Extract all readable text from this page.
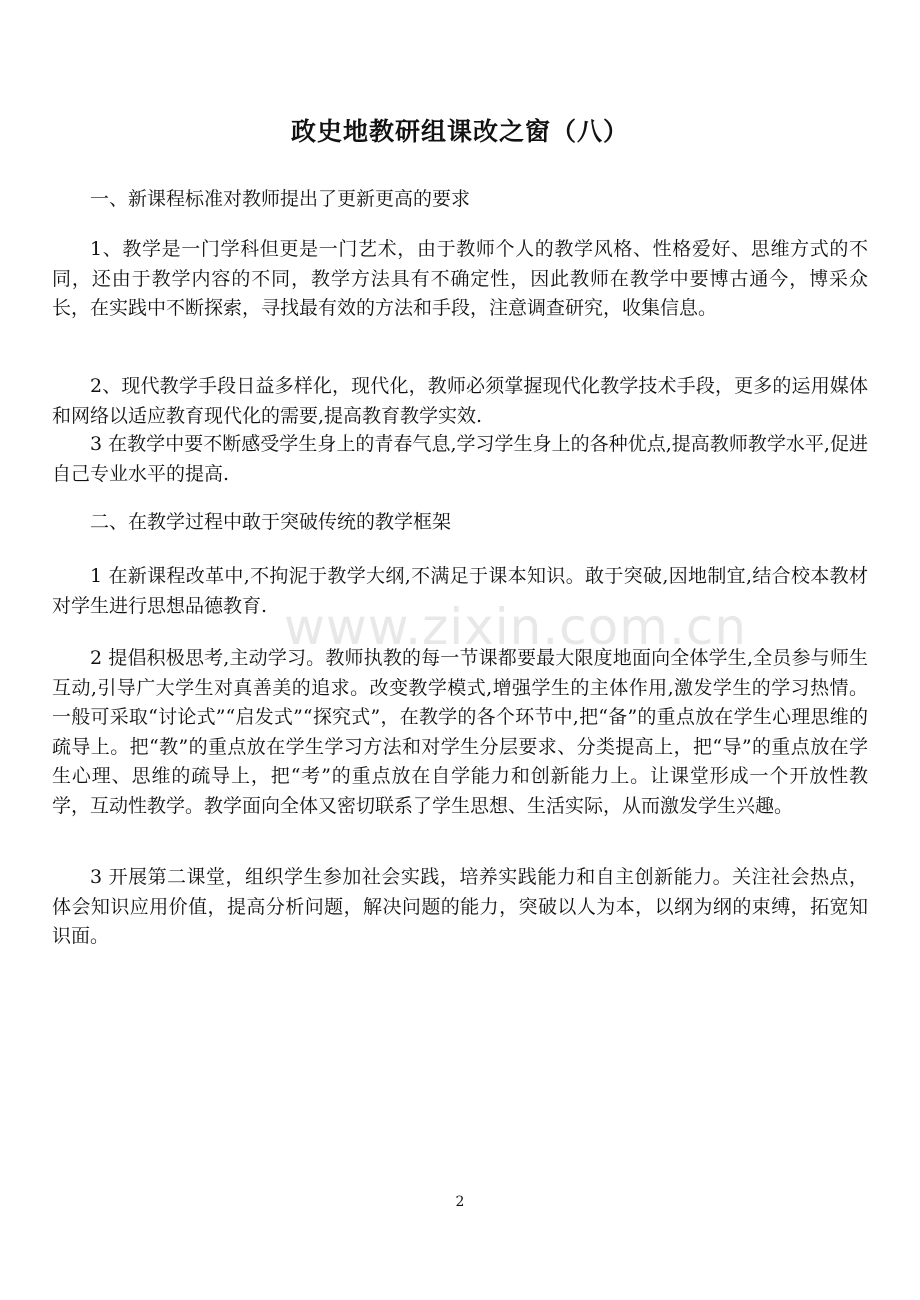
政史地教研组课改之窗（八）

一、新课程标准对教师提出了更新更高的要求

1、教学是一门学科但更是一门艺术，由于教师个人的教学风格、性格爱好、思维方式的不同，还由于教学内容的不同，教学方法具有不确定性，因此教师在教学中要博古通今，博采众长，在实践中不断探索，寻找最有效的方法和手段，注意调查研究，收集信息。

2、现代教学手段日益多样化，现代化，教师必须掌握现代化教学技术手段，更多的运用媒体和网络以适应教育现代化的需要,提高教育教学实效.

3 在教学中要不断感受学生身上的青春气息,学习学生身上的各种优点,提高教师教学水平,促进自己专业水平的提高.

二、在教学过程中敢于突破传统的教学框架

1 在新课程改革中,不拘泥于教学大纲,不满足于课本知识。敢于突破,因地制宜,结合校本教材对学生进行思想品德教育. www.zixin.com.cn

2 提倡积极思考,主动学习。教师执教的每一节课都要最大限度地面向全体学生,全员参与师生互动,引导广大学生对真善美的追求。改变教学模式,增强学生的主体作用,激发学生的学习热情。一般可采取“讨论式”“启发式”“探究式”，在教学的各个环节中,把“备”的重点放在学生心理思维的疏导上。把“教”的重点放在学生学习方法和对学生分层要求、分类提高上，把“导”的重点放在学生心理、思维的疏导上，把“考”的重点放在自学能力和创新能力上。让课堂形成一个开放性教学，互动性教学。教学面向全体又密切联系了学生思想、生活实际，从而激发学生兴趣。

3 开展第二课堂，组织学生参加社会实践，培养实践能力和自主创新能力。关注社会热点，体会知识应用价值，提高分析问题，解决问题的能力，突破以人为本，以纲为纲的束缚，拓宽知识面。

2
